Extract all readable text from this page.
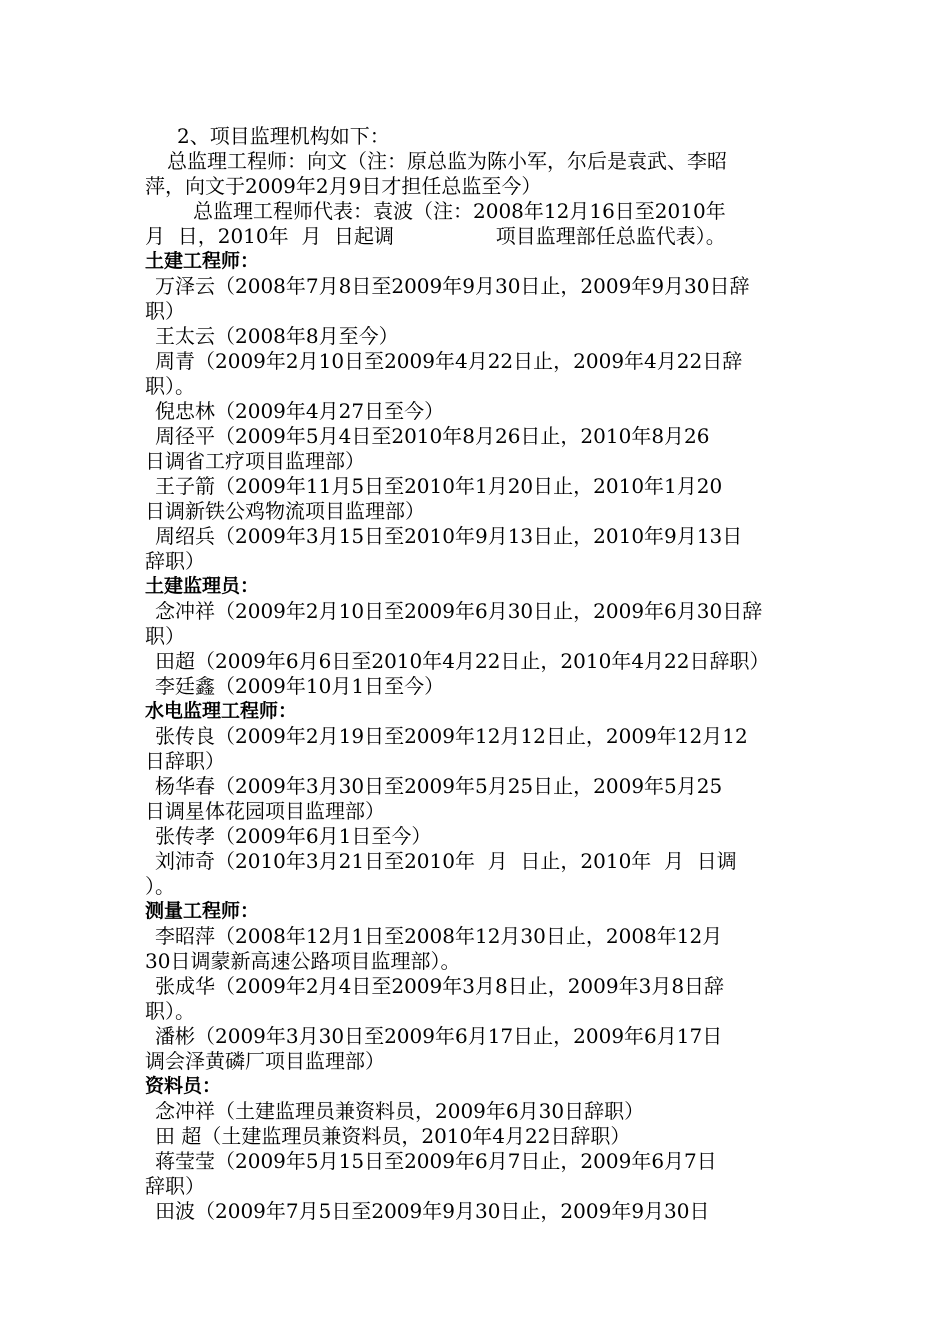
2、项目监理机构如下：

总监理工程师：向文（注：原总监为陈小军，尔后是袁武、李昭

萍，向文于2009年2月9日才担任总监至今）

总监理工程师代表：袁波（注：2008年12月16日至2010年

月  日，2010年  月  日起调                项目监理部任总监代表）。

土建工程师：

万泽云（2008年7月8日至2009年9月30日止，2009年9月30日辞
职）

王太云（2008年8月至今）

周青（2009年2月10日至2009年4月22日止，2009年4月22日辞
职）。

倪忠林（2009年4月27日至今）

周径平（2009年5月4日至2010年8月26日止，2010年8月26
日调省工疗项目监理部）

王子箭（2009年11月5日至2010年1月20日止，2010年1月20
日调新铁公鸡物流项目监理部）

周绍兵（2009年3月15日至2010年9月13日止，2010年9月13日
辞职）

土建监理员：

念冲祥（2009年2月10日至2009年6月30日止，2009年6月30日辞
职）

田超（2009年6月6日至2010年4月22日止，2010年4月22日辞职）

李廷鑫（2009年10月1日至今）

水电监理工程师：

张传良（2009年2月19日至2009年12月12日止，2009年12月12
日辞职）

杨华春（2009年3月30日至2009年5月25日止，2009年5月25
日调星体花园项目监理部）

张传孝（2009年6月1日至今）

刘沛奇（2010年3月21日至2010年  月  日止，2010年  月  日调
）。

测量工程师：

李昭萍（2008年12月1日至2008年12月30日止，2008年12月
30日调蒙新高速公路项目监理部）。

张成华（2009年2月4日至2009年3月8日止，2009年3月8日辞
职）。

潘彬（2009年3月30日至2009年6月17日止，2009年6月17日
调会泽黄磷厂项目监理部）

资料员：

念冲祥（土建监理员兼资料员，2009年6月30日辞职）

田 超（土建监理员兼资料员，2010年4月22日辞职）

蒋莹莹（2009年5月15日至2009年6月7日止，2009年6月7日
辞职）

田波（2009年7月5日至2009年9月30日止，2009年9月30日
